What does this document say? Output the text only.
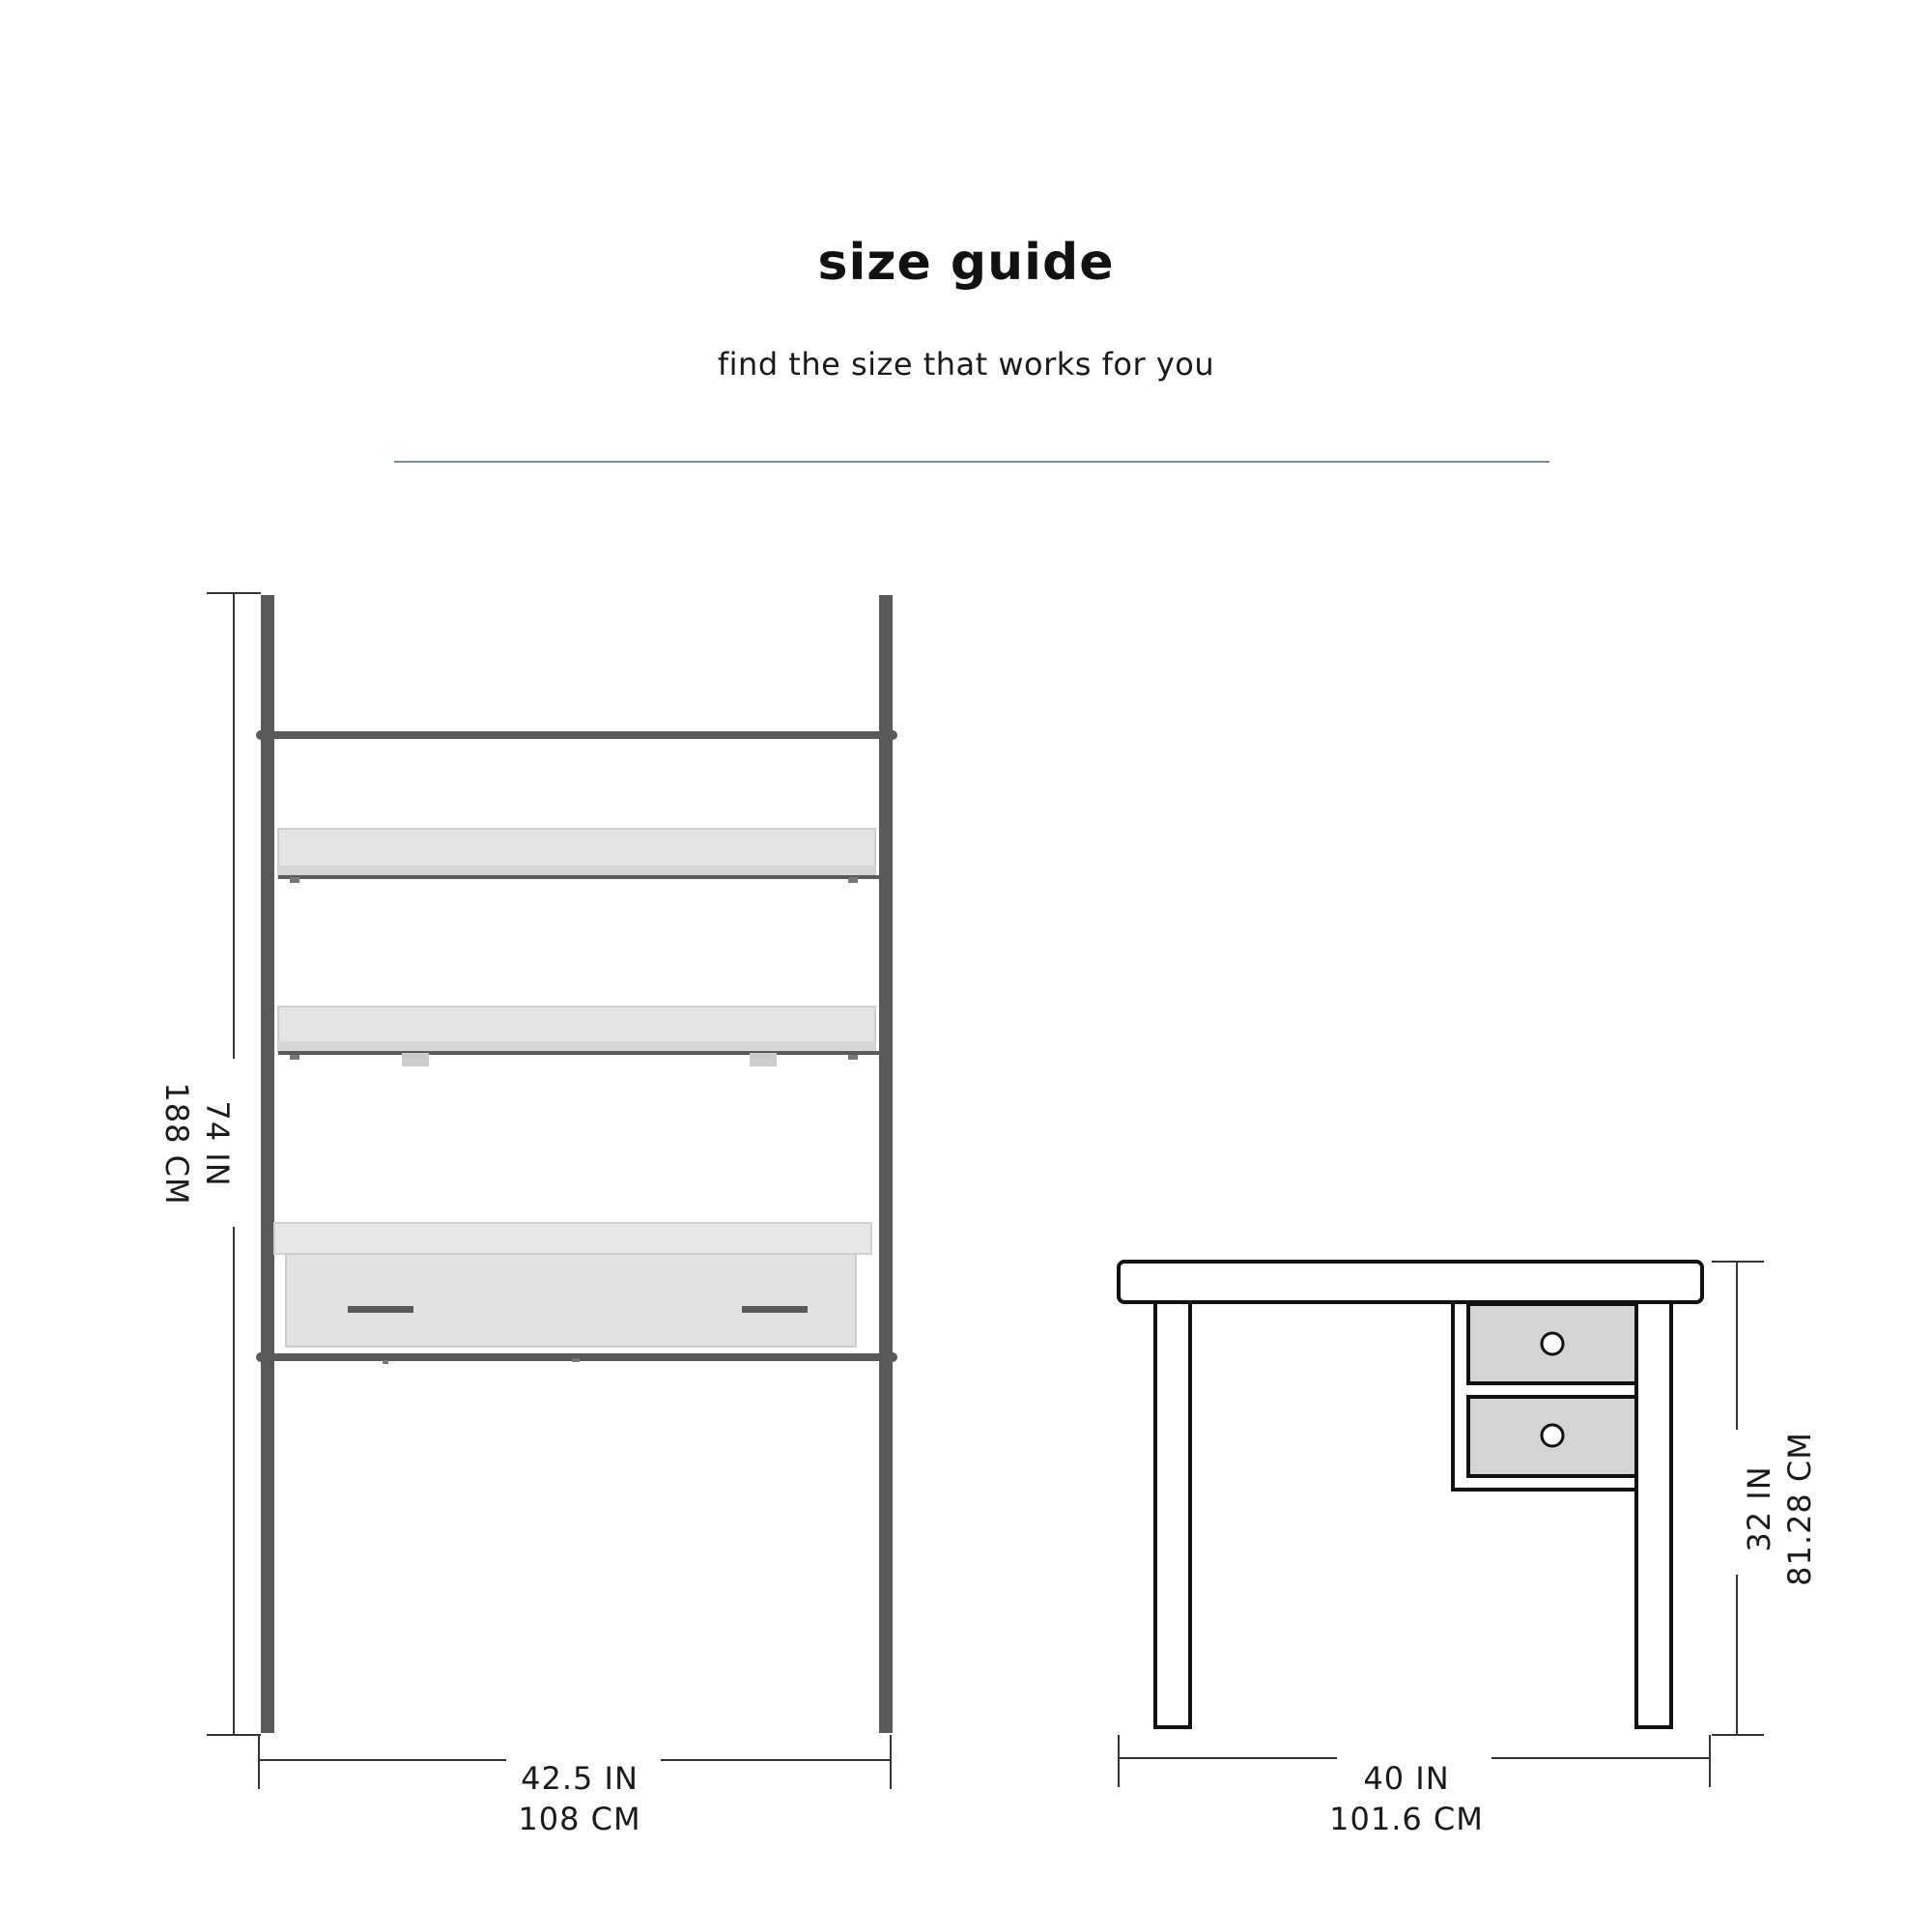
size guide
find the size that works for you
74 IN
188 CM
42.5 IN
108 CM
32 IN 81.28 CM
40 IN
101.6 CM
